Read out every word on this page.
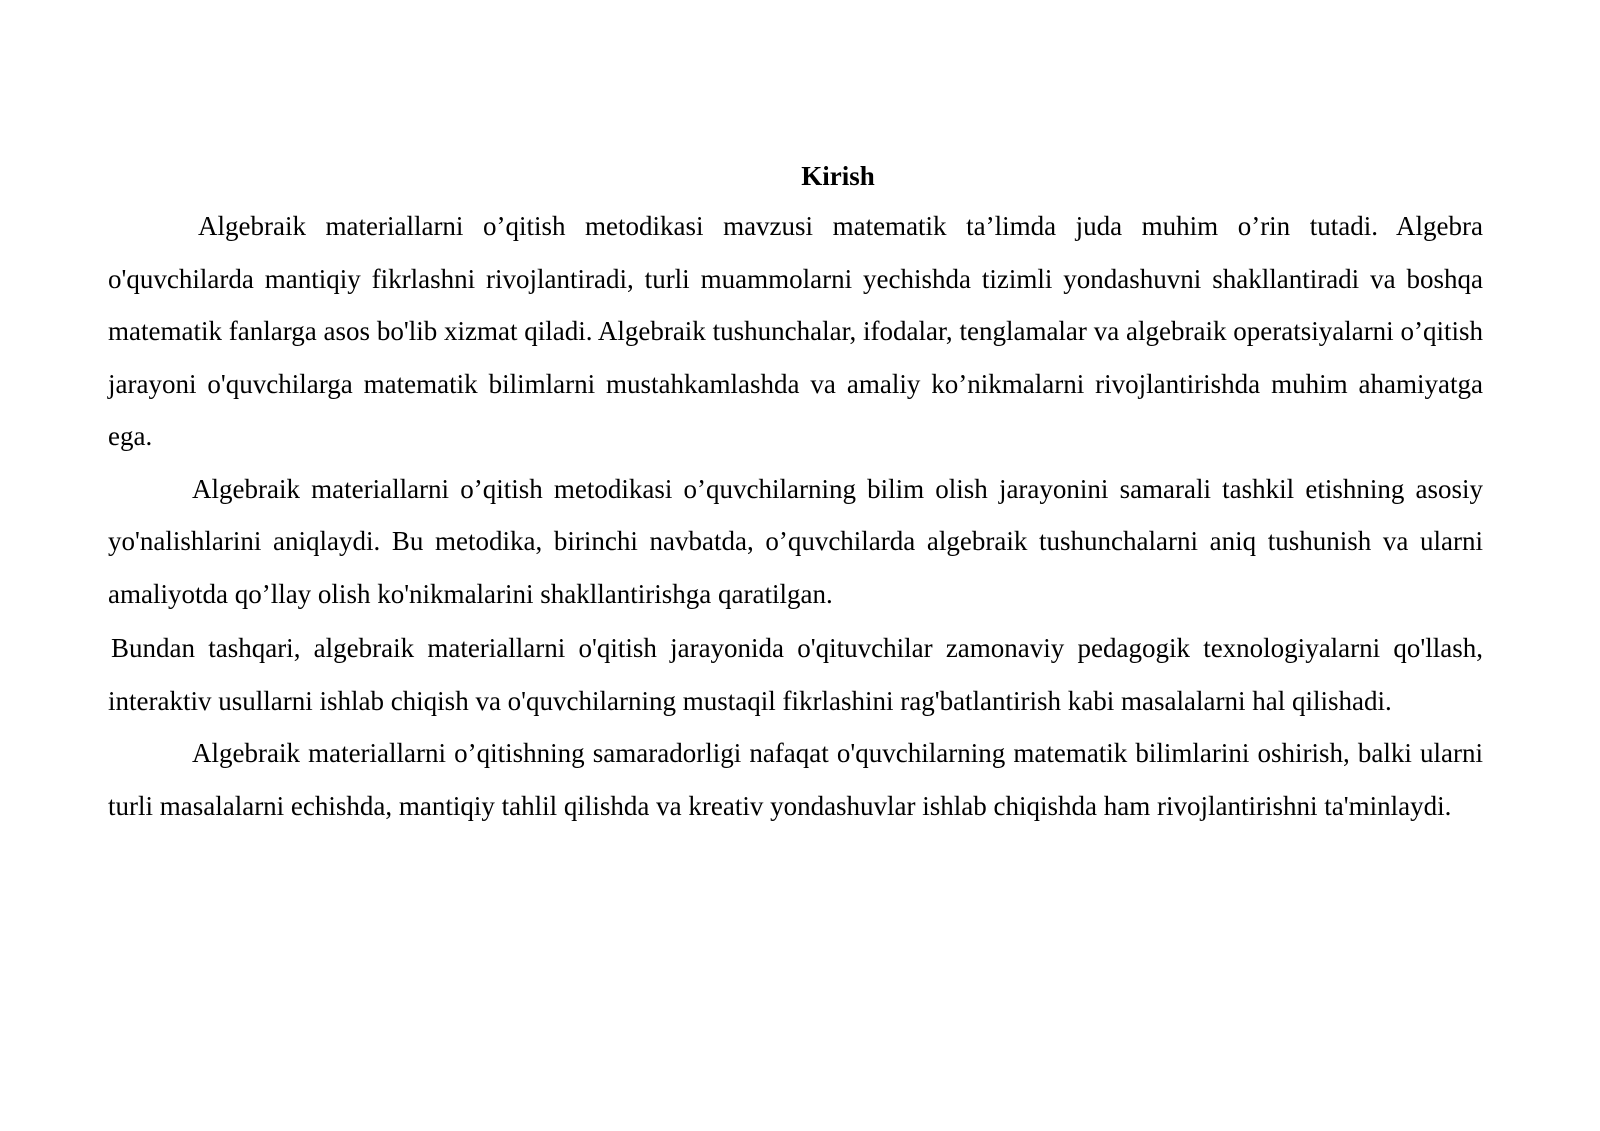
Kirish

Algebraik materiallarni o’qitish metodikasi mavzusi matematik ta’limda juda muhim o’rin tutadi. Algebra o'quvchilarda mantiqiy fikrlashni rivojlantiradi, turli muammolarni yechishda tizimli yondashuvni shakllantiradi va boshqa matematik fanlarga asos bo'lib xizmat qiladi. Algebraik tushunchalar, ifodalar, tenglamalar va algebraik operatsiyalarni o’qitish jarayoni o'quvchilarga matematik bilimlarni mustahkamlashda va amaliy ko’nikmalarni rivojlantirishda muhim ahamiyatga ega.

Algebraik materiallarni o’qitish metodikasi o’quvchilarning bilim olish jarayonini samarali tashkil etishning asosiy yo'nalishlarini aniqlaydi. Bu metodika, birinchi navbatda, o’quvchilarda algebraik tushunchalarni aniq tushunish va ularni amaliyotda qo’llay olish ko'nikmalarini shakllantirishga qaratilgan.

Bundan tashqari, algebraik materiallarni o'qitish jarayonida o'qituvchilar zamonaviy pedagogik texnologiyalarni qo'llash, interaktiv usullarni ishlab chiqish va o'quvchilarning mustaqil fikrlashini rag'batlantirish kabi masalalarni hal qilishadi.

Algebraik materiallarni o’qitishning samaradorligi nafaqat o'quvchilarning matematik bilimlarini oshirish, balki ularni turli masalalarni echishda, mantiqiy tahlil qilishda va kreativ yondashuvlar ishlab chiqishda ham rivojlantirishni ta'minlaydi.
